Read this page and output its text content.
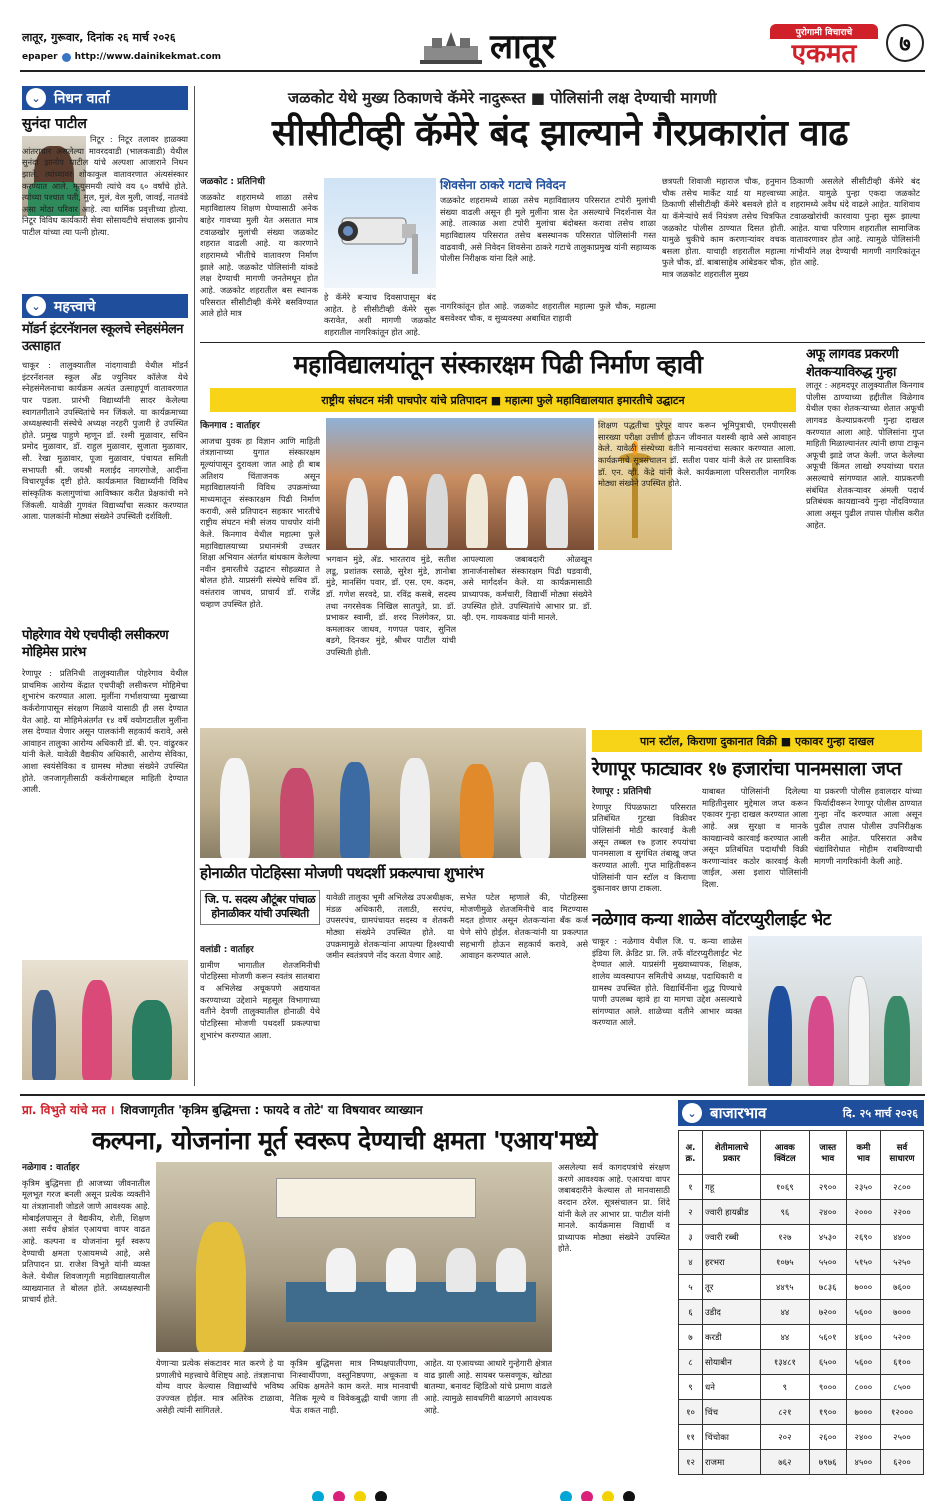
लातूर, गुरूवार, दिनांक २६ मार्च २०२६
epaper http://www.dainikekmat.com	लातूर	पुरोगामी विचाराचे
एकमत	७
⌄ निधन वार्ता
सुनंदा पाटील
निटूर : निटूर तलावर हाळक्या आंतराचार असलेल्या मावरदवाडी (भालकवाडी) येथील सुनंदा झानोप पाटील यांचे अल्पशा आजाराने निधन झाले. त्यांच्यावर शोकाकुल वातावरणात अंत्यसंस्कार करण्यात आले. मृत्युसमयी त्यांचे वय ६० वर्षांचे होते. त्यांच्या पश्चात पती, मुल, मुलं, वेल मुली, जावई, नातवंडे असा मोठा परिवार आहे. त्या धार्मिक प्रवृत्तीच्या होत्या. निटूर विविध कार्यकारी सेवा सोसायटीचे संचालक झानोप पाटील यांच्या त्या पत्नी होत्या.
⌄ महत्त्वाचे
मॉडर्न इंटरनॅशनल स्कूलचे स्नेहसंमेलन उत्साहात
चाकूर : तालुक्यातील नांदगावाडी येथील मॉडर्न इंटरनॅशनल स्कूल ॲंड ज्युनियर कॉलेज येथे स्नेहसंमेलनाचा कार्यक्रम अत्यंत उत्साहपूर्ण वातावरणात पार पडला. प्रारंभी विद्यार्थ्यांनी सादर केलेल्या स्वागतगीताने उपस्थितांचे मन जिंकले. या कार्यक्रमाच्या अध्यक्षस्थानी संस्थेचे अध्यक्ष नरहरी पुजारी हे उपस्थित होते. प्रमुख पाहुणे म्हणून डॉ. रश्मी मुळावार, सचिन प्रमोद मुळावार, डॉ. राहुल मुळावार, सुजाता मुळावार, सौ. रेखा मुळावार, पूजा मुळावार, पंचायत समिती सभापती श्री. जयश्री मलाईद नागरगोजे, आदींना विचारपूर्वक दृष्टी होते. कार्यक्रमात विद्यार्थ्यांनी विविध सांस्कृतिक कलागुणांचा आविष्कार करीत प्रेक्षकांची मने जिंकली. यावेळी गुणवंत विद्यार्थ्यांचा सत्कार करण्यात आला. पालकांनी मोठ्या संख्येने उपस्थिती दर्शविली.
पोहरेगाव येथे एचपीव्ही लसीकरण मोहिमेस प्रारंभ
रेणापूर : प्रतिनिधी तालुक्यातील पोहरेगाव येथील प्राथमिक आरोग्य केंद्रात एचपीव्ही लसीकरण मोहिमेचा शुभारंभ करण्यात आला. मुलींना गर्भाशयाच्या मुखाच्या कर्करोगापासून संरक्षण मिळावे यासाठी ही लस देण्यात येत आहे. या मोहिमेअंतर्गत १४ वर्षे वयोगटातील मुलींना लस देण्यात येणार असून पालकांनी सहकार्य करावे, असे आवाहन तालुका आरोग्य अधिकारी डॉ. बी. एन. वांढुरकर यांनी केले. यावेळी वैद्यकीय अधिकारी, आरोग्य सेविका, आशा स्वयंसेविका व ग्रामस्थ मोठ्या संख्येने उपस्थित होते. जनजागृतीसाठी कर्करोगाबद्दल माहिती देण्यात आली.
जळकोट येथे मुख्य ठिकाणचे कॅमेरे नादुरूस्त ■ पोलिसांनी लक्ष देण्याची मागणी
सीसीटीव्ही कॅमेरे बंद झाल्याने गैरप्रकारांत वाढ
जळकोट : प्रतिनिधी
जळकोट शहरामध्ये शाळा तसेच महाविद्यालय शिक्षण घेण्यासाठी अनेक बाहेर गावच्या मुली येत असतात मात्र टवाळखोर मुलांची संख्या जळकोट शहरात वाढली आहे. या कारणाने शहरामध्ये भीतीचे वातावरण निर्माण झाले आहे. जळकोट पोलिसांनी यांकडे लक्ष देण्याची मागणी जनतेमधून होत आहे. जळकोट शहरातील बस स्थानक परिसरात सीसीटीव्ही कॅमेरे बसविण्यात आले होते मात्र
हे कॅमेरे बऱ्याच दिवसापासून बंद आहेत. हे सीसीटीव्ही कॅमेरे सुरू करावेत, अशी मागणी जळकोट शहरातील नागरिकांतून होत आहे.
शिवसेना ठाकरे गटाचे निवेदन
जळकोट शहरामध्ये शाळा तसेच महाविद्यालय परिसरात टपोरी मुलांची संख्या वाढली असून ही मुले मुलींना त्रास देत असल्याचे निदर्शनास येत आहे. तात्काळ अशा टपोरी मुलांचा बंदोबस्त करावा तसेच शाळा महाविद्यालय परिसरात तसेच बसस्थानक परिसरात पोलिसांनी गस्त वाढवावी, असे निवेदन शिवसेना ठाकरे गटाचे तालुकाप्रमुख यांनी सहाय्यक पोलीस निरीक्षक यांना दिले आहे.
नागरिकांतून होत आहे. जळकोट शहरातील महात्मा फुले चौक, महात्मा बसवेश्वर चौक, व सुव्यवस्था अबाधित राहावी
छत्रपती शिवाजी महाराज चौक, हनुमान चौक तसेच मार्केट यार्ड या महत्त्वाच्या ठिकाणी सीसीटीव्ही कॅमेरे बसवले होते व या कॅमेऱ्यांचे सर्व नियंत्रण तसेच चित्रफित जळकोट पोलीस ठाण्यात दिसत होती. यामुळे चुकीचे काम करणाऱ्यांवर वचक बसला होता. याचाही शहरातील महात्मा फुले चौक, डॉ. बाबासाहेब आंबेडकर चौक, मात्र जळकोट शहरातील मुख्य
ठिकाणी असलेले सीसीटीव्ही कॅमेरे बंद आहेत. यामुळे पुन्हा एकदा जळकोट शहरामध्ये अवैध धंदे वाढले आहेत. याशिवाय टवाळखोरांची कारवाया पुन्हा सुरू झाल्या आहेत. याचा परिणाम शहरातील सामाजिक वातावरणावर होत आहे. त्यामुळे पोलिसांनी गांभीर्याने लक्ष देण्याची मागणी नागरिकांतून होत आहे.
महाविद्यालयांतून संस्कारक्षम पिढी निर्माण व्हावी
राष्ट्रीय संघटन मंत्री पाचपोर यांचे प्रतिपादन ■ महात्मा फुले महाविद्यालयात इमारतीचे उद्घाटन
किनगाव : वार्ताहर
आजचा युवक हा विज्ञान आणि माहिती तंत्रज्ञानाच्या युगात संस्कारक्षम मूल्यांपासून दुरावला जात आहे ही बाब अतिशय चिंताजनक असून महाविद्यालयांनी विविध उपक्रमांच्या माध्यमातून संस्कारक्षम पिढी निर्माण करावी, असे प्रतिपादन सहकार भारतीचे राष्ट्रीय संघटन मंत्री संजय पाचपोर यांनी केले. किनगाव येथील महात्मा फुले महाविद्यालयाच्या प्रधानमंत्री उच्चतर शिक्षा अभियान अंतर्गत बांधकाम केलेल्या नवीन इमारतीचे उद्घाटन सोहळ्यात ते बोलत होते. याप्रसंगी संस्थेचे सचिव डॉ. वसंतराव जाधव, प्राचार्य डॉ. राजेंद्र चव्हाण उपस्थित होते.
भगवान मुंडे, ॲड. भारतराव मुंडे, सतीश लडू, प्रशांतक रसाळे, सुरेश मुंडे, ज्ञानोबा मुंडे, मानसिंग पवार, डॉ. एस. एम. कदम, डॉ. गणेश सरवदे, प्रा. रविंद्र कसबे, सदस्य तथा नगरसेवक निखिल सातपुते, प्रा. डॉ. प्रभाकर स्वामी, डॉ. शरद निलंगेकर, प्रा. कमलाकर जाधव, गणपत पवार, सुनिल बडगे, दिनकर मुंडे, श्रीधर पाटील यांची उपस्थिती होती.
आपल्याला जबाबदारी ओळखून ज्ञानार्जनासोबत संस्कारक्षम पिढी घडवावी, असे मार्गदर्शन केले. या कार्यक्रमासाठी प्राध्यापक, कर्मचारी, विद्यार्थी मोठ्या संख्येने उपस्थित होते. उपस्थितांचे आभार प्रा. डॉ. व्ही. एम. गायकवाड यांनी मानले.
शिक्षण पद्धतीचा पुरेपूर वापर करून भूमिपुत्राची, एमपीएससी सारख्या परीक्षा उत्तीर्ण होऊन जीवनात यशस्वी व्हावे असे आवाहन केले. यावेळी संस्थेच्या वतीने मान्यवरांचा सत्कार करण्यात आला. कार्यक्रमाचे सूत्रसंचालन डॉ. सतीश पवार यांनी केले तर प्रास्ताविक डॉ. एन. व्ही. केंद्रे यांनी केले. कार्यक्रमाला परिसरातील नागरिक मोठ्या संख्येने उपस्थित होते.
अफू लागवड प्रकरणी शेतकऱ्याविरुद्ध गुन्हा
लातूर : अहमदपूर तालुक्यातील किनगाव पोलीस ठाण्याच्या हद्दीतील विळेगाव येथील एका शेतकऱ्याच्या शेतात अफूची लागवड केल्याप्रकरणी गुन्हा दाखल करण्यात आला आहे. पोलिसांना गुप्त माहिती मिळाल्यानंतर त्यांनी छापा टाकून अफूची झाडे जप्त केली. जप्त केलेल्या अफूची किंमत लाखो रुपयांच्या घरात असल्याचे सांगण्यात आले. याप्रकरणी संबंधित शेतकऱ्यावर अंमली पदार्थ प्रतिबंधक कायद्यान्वये गुन्हा नोंदविण्यात आला असून पुढील तपास पोलीस करीत आहेत.
पान स्टॉल, किराणा दुकानात विक्री ■ एकावर गुन्हा दाखल
रेणापूर फाट्यावर १७ हजारांचा पानमसाला जप्त
रेणापूर : प्रतिनिधी
रेणापूर पिंपळफाटा परिसरात प्रतिबंधित गुटखा विक्रीवर पोलिसांनी मोठी कारवाई केली असून तब्बल १७ हजार रुपयांचा पानमसाला व सुगंधित तंबाखू जप्त करण्यात आली. गुप्त माहितीवरून पोलिसांनी पान स्टॉल व किराणा दुकानावर छापा टाकला.
याबाबत पोलिसांनी दिलेल्या माहितीनुसार मुद्देमाल जप्त करून एकावर गुन्हा दाखल करण्यात आला आहे. अन्न सुरक्षा व मानके कायद्यान्वये कारवाई करण्यात आली असून प्रतिबंधित पदार्थांची विक्री करणाऱ्यांवर कठोर कारवाई केली जाईल, असा इशारा पोलिसांनी दिला.
या प्रकरणी पोलीस हवालदार यांच्या फिर्यादीवरून रेणापूर पोलीस ठाण्यात गुन्हा नोंद करण्यात आला असून पुढील तपास पोलीस उपनिरीक्षक करीत आहेत. परिसरात अवैध धंद्यांविरोधात मोहीम राबविण्याची मागणी नागरिकांनी केली आहे.
होनाळीत पोटहिस्सा मोजणी पथदर्शी प्रकल्पाचा शुभारंभ
जि. प. सदस्य औटूंबर पांचाळ होनाळीकर यांची उपस्थिती
वलांडी : वार्ताहर
ग्रामीण भागातील शेतजमिनीची पोटहिस्सा मोजणी करून स्वतंत्र सातबारा व अभिलेख अचूकपणे अद्ययावत करण्याच्या उद्देशाने महसूल विभागाच्या वतीने देवणी तालुक्यातील होनाळी येथे पोटहिस्सा मोजणी पथदर्शी प्रकल्पाचा शुभारंभ करण्यात आला.
यावेळी तालुका भूमी अभिलेख उपअधीक्षक, मंडळ अधिकारी, तलाठी, सरपंच, उपसरपंच, ग्रामपंचायत सदस्य व शेतकरी मोठ्या संख्येने उपस्थित होते. या उपक्रमामुळे शेतकऱ्यांना आपल्या हिश्श्याची जमीन स्वतंत्रपणे नोंद करता येणार आहे.
सभेत पटेल म्हणाले की, पोटहिस्सा मोजणीमुळे शेतजमिनीचे वाद मिटण्यास मदत होणार असून शेतकऱ्यांना बँक कर्ज घेणे सोपे होईल. शेतकऱ्यांनी या प्रकल्पात सहभागी होऊन सहकार्य करावे, असे आवाहन करण्यात आले.
नळेगाव कन्या शाळेस वॉटरप्युरीलाईट भेट
चाकूर : नळेगाव येथील जि. प. कन्या शाळेस इंडिया लि. क्रेडिट प्रा. लि. तर्फे वॉटरप्युरीलाईट भेट देण्यात आले. याप्रसंगी मुख्याध्यापक, शिक्षक, शालेय व्यवस्थापन समितीचे अध्यक्ष, पदाधिकारी व ग्रामस्थ उपस्थित होते. विद्यार्थिनींना शुद्ध पिण्याचे पाणी उपलब्ध व्हावे हा या मागचा उद्देश असल्याचे सांगण्यात आले. शाळेच्या वतीने आभार व्यक्त करण्यात आले.
प्रा. विभुते यांचे मत । शिवजागृतीत 'कृत्रिम बुद्धिमत्ता : फायदे व तोटे' या विषयावर व्याख्यान
कल्पना, योजनांना मूर्त स्वरूप देण्याची क्षमता 'एआय'मध्ये
नळेगाव : वार्ताहर
कृत्रिम बुद्धिमत्ता ही आजच्या जीवनातील मूलभूत गरज बनली असून प्रत्येक व्यक्तीने या तंत्रज्ञानाशी जोडले जाणे आवश्यक आहे. मोबाईलपासून ते वैद्यकीय, शेती, शिक्षण अशा सर्वच क्षेत्रांत एआयचा वापर वाढत आहे. कल्पना व योजनांना मूर्त स्वरूप देण्याची क्षमता एआयमध्ये आहे, असे प्रतिपादन प्रा. राजेश विभुते यांनी व्यक्त केले. येथील शिवजागृती महाविद्यालयातील व्याख्यानात ते बोलत होते. अध्यक्षस्थानी प्राचार्य होते.
येणाऱ्या प्रत्येक संकटावर मात करणे हे या प्रणालीचे महत्त्वाचे वैशिष्ट्य आहे. तंत्रज्ञानाचा योग्य वापर केल्यास विद्यार्थ्यांचे भविष्य उज्ज्वल होईल. मात्र अतिरेक टाळावा, असेही त्यांनी सांगितले.
कृत्रिम बुद्धिमत्ता मात्र निष्पक्षपातीपणा, निःस्वार्थीपणा, वस्तुनिष्ठपणा, अचूकता व अधिक क्षमतेने काम करते. मात्र मानवाची नैतिक मूल्ये व विवेकबुद्धी याची जागा ती घेऊ शकत नाही.
आहेत. या एआयच्या आधारे गुन्हेगारी क्षेत्रात वाढ झाली आहे. सायबर फसवणूक, खोट्या बातम्या, बनावट व्हिडिओ यांचे प्रमाण वाढले आहे. त्यामुळे सावधगिरी बाळगणे आवश्यक आहे.
असलेल्या सर्व कागदपत्रांचे संरक्षण करणे आवश्यक आहे. एआयचा वापर जबाबदारीने केल्यास तो मानवासाठी वरदान ठरेल. सूत्रसंचालन प्रा. शिंदे यांनी केले तर आभार प्रा. पाटील यांनी मानले. कार्यक्रमास विद्यार्थी व प्राध्यापक मोठ्या संख्येने उपस्थित होते.
⌄ बाजारभाव	दि. २५ मार्च २०२६
अ. क्र.	शेतीमालाचे प्रकार	आवक क्विंटल	जास्त भाव	कमी भाव	सर्व साधारण
१	गहू	१०६९	२९००	२३५०	२८००
२	ज्वारी हायब्रीड	९६	२४००	२०००	२२००
३	ज्वारी रब्बी	१२७	४५३०	२६९०	४४००
४	हरभरा	१०७५	५५००	५१५०	५२५०
५	तूर	४४९५	७८३६	७०००	७६००
६	उडीद	४४	७२००	५६००	७०००
७	करडी	४४	५६०१	४६००	५२००
८	सोयाबीन	१३४८१	६५००	५६००	६१००
९	धने	९	९०००	८०००	८५००
१०	चिंच	८२१	१९००	७०००	१२०००
११	चिंचोका	२०२	२६००	२४००	२५००
१२	राजमा	७६२	७९७६	४५००	६२००
